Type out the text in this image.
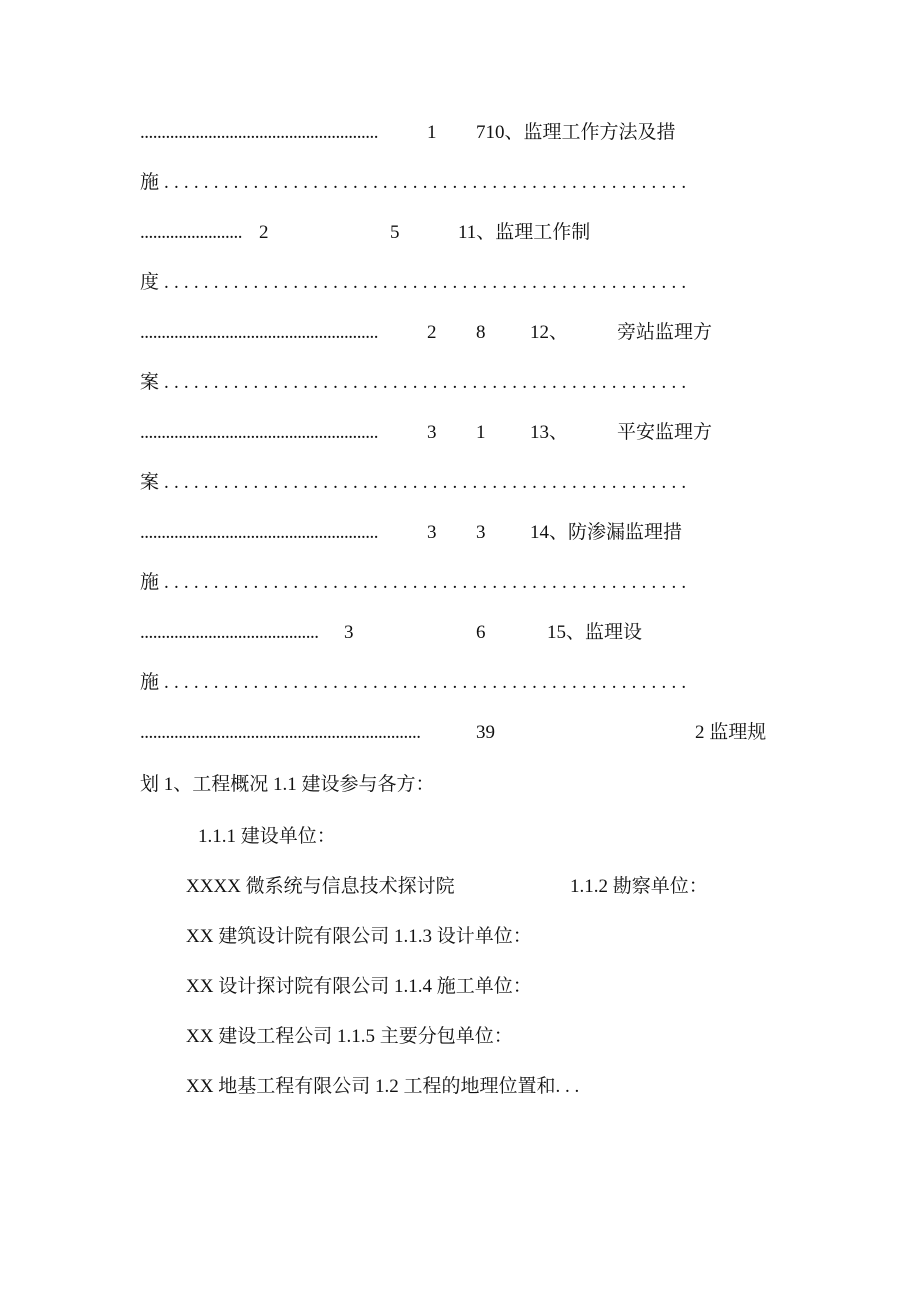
........................................................	1 710、监理工作方法及措
施 .....................................................
........................ 2	5	11、监理工作制
度 .....................................................
........................................................	2 8 12、	旁站监理方
案 .....................................................
........................................................	3 1 13、	平安监理方
案 .....................................................
........................................................	3 3 14、防渗漏监理措
施 .....................................................
.......................................... 3	6	15、监理设
施 .....................................................
..................................................................	39	2 监理规
划 1、工程概况 1.1 建设参与各方：
1.1.1 建设单位：
XXXX 微系统与信息技术探讨院	1.1.2 勘察单位：
XX 建筑设计院有限公司 1.1.3 设计单位：
XX 设计探讨院有限公司 1.1.4 施工单位：
XX 建设工程公司 1.1.5 主要分包单位：
XX 地基工程有限公司 1.2 工程的地理位置和. . .
